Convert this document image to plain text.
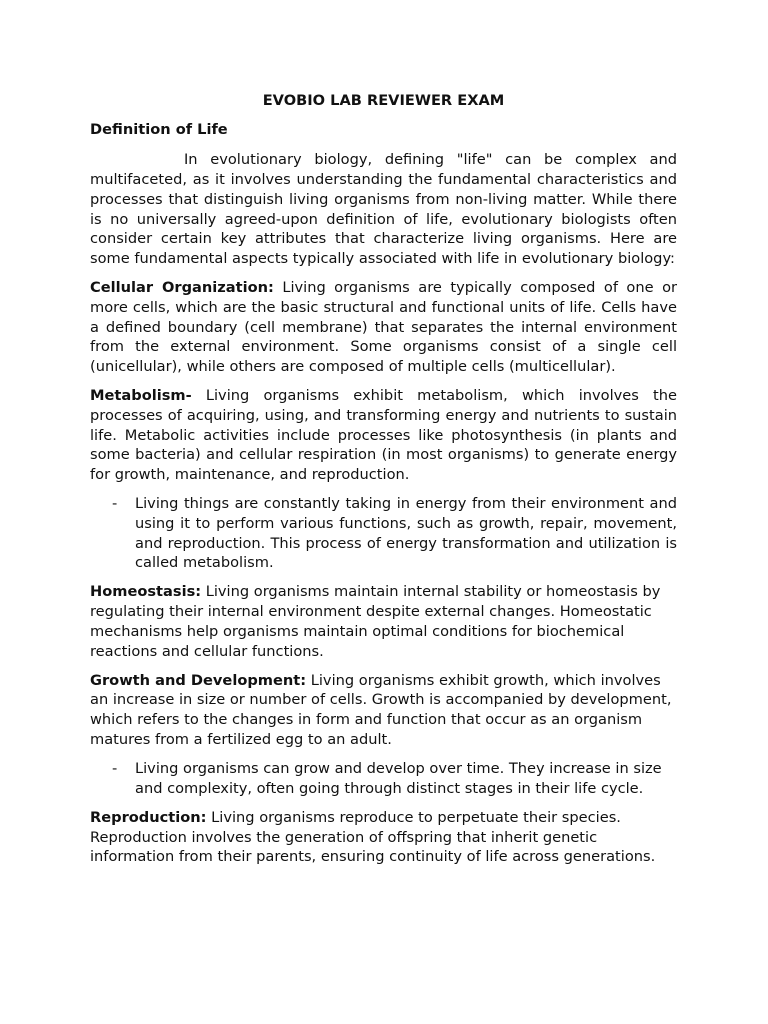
EVOBIO LAB REVIEWER EXAM
Definition of Life

In evolutionary biology, defining "life" can be complex and multifaceted, as it involves understanding the fundamental characteristics and processes that distinguish living organisms from non-living matter. While there is no universally agreed-upon definition of life, evolutionary biologists often consider certain key attributes that characterize living organisms. Here are some fundamental aspects typically associated with life in evolutionary biology:

Cellular Organization: Living organisms are typically composed of one or more cells, which are the basic structural and functional units of life. Cells have a defined boundary (cell membrane) that separates the internal environment from the external environment. Some organisms consist of a single cell (unicellular), while others are composed of multiple cells (multicellular).

Metabolism- Living organisms exhibit metabolism, which involves the processes of acquiring, using, and transforming energy and nutrients to sustain life. Metabolic activities include processes like photosynthesis (in plants and some bacteria) and cellular respiration (in most organisms) to generate energy for growth, maintenance, and reproduction.

-	Living things are constantly taking in energy from their environment and using it to perform various functions, such as growth, repair, movement, and reproduction. This process of energy transformation and utilization is called metabolism.

Homeostasis: Living organisms maintain internal stability or homeostasis by regulating their internal environment despite external changes. Homeostatic mechanisms help organisms maintain optimal conditions for biochemical reactions and cellular functions.

Growth and Development: Living organisms exhibit growth, which involves an increase in size or number of cells. Growth is accompanied by development, which refers to the changes in form and function that occur as an organism matures from a fertilized egg to an adult.

-	Living organisms can grow and develop over time. They increase in size and complexity, often going through distinct stages in their life cycle.

Reproduction: Living organisms reproduce to perpetuate their species. Reproduction involves the generation of offspring that inherit genetic information from their parents, ensuring continuity of life across generations.
